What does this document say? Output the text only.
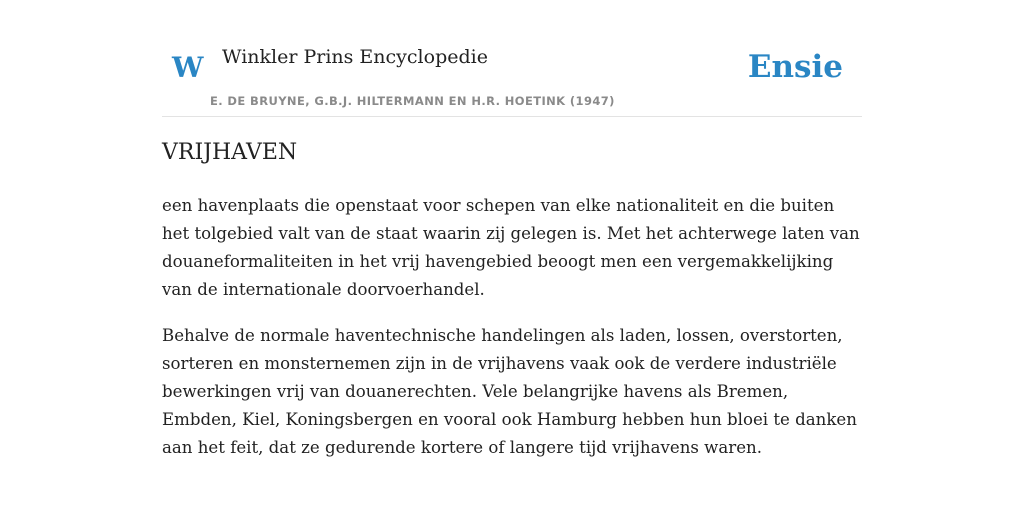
W Winkler Prins Encyclopedie
E. DE BRUYNE, G.B.J. HILTERMANN EN H.R. HOETINK (1947)
Ensie
VRIJHAVEN

een havenplaats die openstaat voor schepen van elke nationaliteit en die buiten het tolgebied valt van de staat waarin zij gelegen is. Met het achterwege laten van douaneformaliteiten in het vrij havengebied beoogt men een vergemakkelijking van de internationale doorvoerhandel.

Behalve de normale haventechnische handelingen als laden, lossen, overstorten, sorteren en monsternemen zijn in de vrijhavens vaak ook de verdere industriële bewerkingen vrij van douanerechten. Vele belangrijke havens als Bremen, Embden, Kiel, Koningsbergen en vooral ook Hamburg hebben hun bloei te danken aan het feit, dat ze gedurende kortere of langere tijd vrijhavens waren.
